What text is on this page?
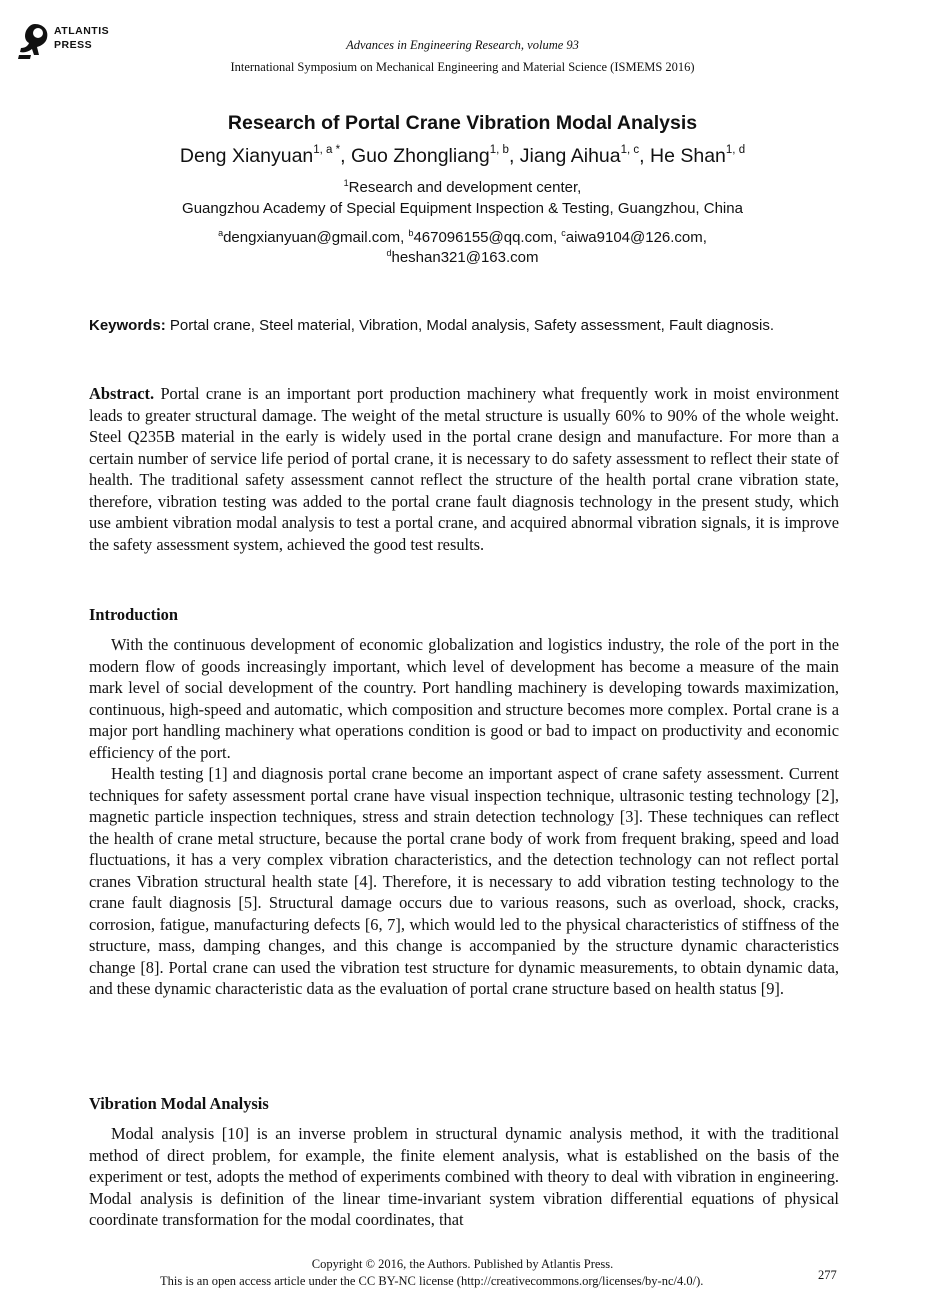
ATLANTIS
PRESS	Advances in Engineering Research, volume 93
International Symposium on Mechanical Engineering and Material Science (ISMEMS 2016)
Research of Portal Crane Vibration Modal Analysis
Deng Xianyuan$^{1, a *}$, Guo Zhongliang$^{1, b}$, Jiang Aihua$^{1, c}$, He Shan$^{1, d}$
$^1$Research and development center,
Guangzhou Academy of Special Equipment Inspection & Testing, Guangzhou, China
$^a$dengxianyuan@gmail.com, $^b$467096155@qq.com, $^c$aiwa9104@126.com,
$^d$heshan321@163.com
Keywords: Portal crane, Steel material, Vibration, Modal analysis, Safety assessment, Fault diagnosis.
Abstract. Portal crane is an important port production machinery what frequently work in moist environment leads to greater structural damage. The weight of the metal structure is usually 60% to 90% of the whole weight. Steel Q235B material in the early is widely used in the portal crane design and manufacture. For more than a certain number of service life period of portal crane, it is necessary to do safety assessment to reflect their state of health. The traditional safety assessment cannot reflect the structure of the health portal crane vibration state, therefore, vibration testing was added to the portal crane fault diagnosis technology in the present study, which use ambient vibration modal analysis to test a portal crane, and acquired abnormal vibration signals, it is improve the safety assessment system, achieved the good test results.
Introduction

With the continuous development of economic globalization and logistics industry, the role of the port in the modern flow of goods increasingly important, which level of development has become a measure of the main mark level of social development of the country. Port handling machinery is developing towards maximization, continuous, high-speed and automatic, which composition and structure becomes more complex. Portal crane is a major port handling machinery what operations condition is good or bad to impact on productivity and economic efficiency of the port.

Health testing [1] and diagnosis portal crane become an important aspect of crane safety assessment. Current techniques for safety assessment portal crane have visual inspection technique, ultrasonic testing technology [2], magnetic particle inspection techniques, stress and strain detection technology [3]. These techniques can reflect the health of crane metal structure, because the portal crane body of work from frequent braking, speed and load fluctuations, it has a very complex vibration characteristics, and the detection technology can not reflect portal cranes Vibration structural health state [4]. Therefore, it is necessary to add vibration testing technology to the crane fault diagnosis [5]. Structural damage occurs due to various reasons, such as overload, shock, cracks, corrosion, fatigue, manufacturing defects [6, 7], which would led to the physical characteristics of stiffness of the structure, mass, damping changes, and this change is accompanied by the structure dynamic characteristics change [8]. Portal crane can used the vibration test structure for dynamic measurements, to obtain dynamic data, and these dynamic characteristic data as the evaluation of portal crane structure based on health status [9].

Vibration Modal Analysis

Modal analysis [10] is an inverse problem in structural dynamic analysis method, it with the traditional method of direct problem, for example, the finite element analysis, what is established on the basis of the experiment or test, adopts the method of experiments combined with theory to deal with vibration in engineering. Modal analysis is definition of the linear time-invariant system vibration differential equations of physical coordinate transformation for the modal coordinates, that

Copyright © 2016, the Authors. Published by Atlantis Press.
This is an open access article under the CC BY-NC license (http://creativecommons.org/licenses/by-nc/4.0/).	277
